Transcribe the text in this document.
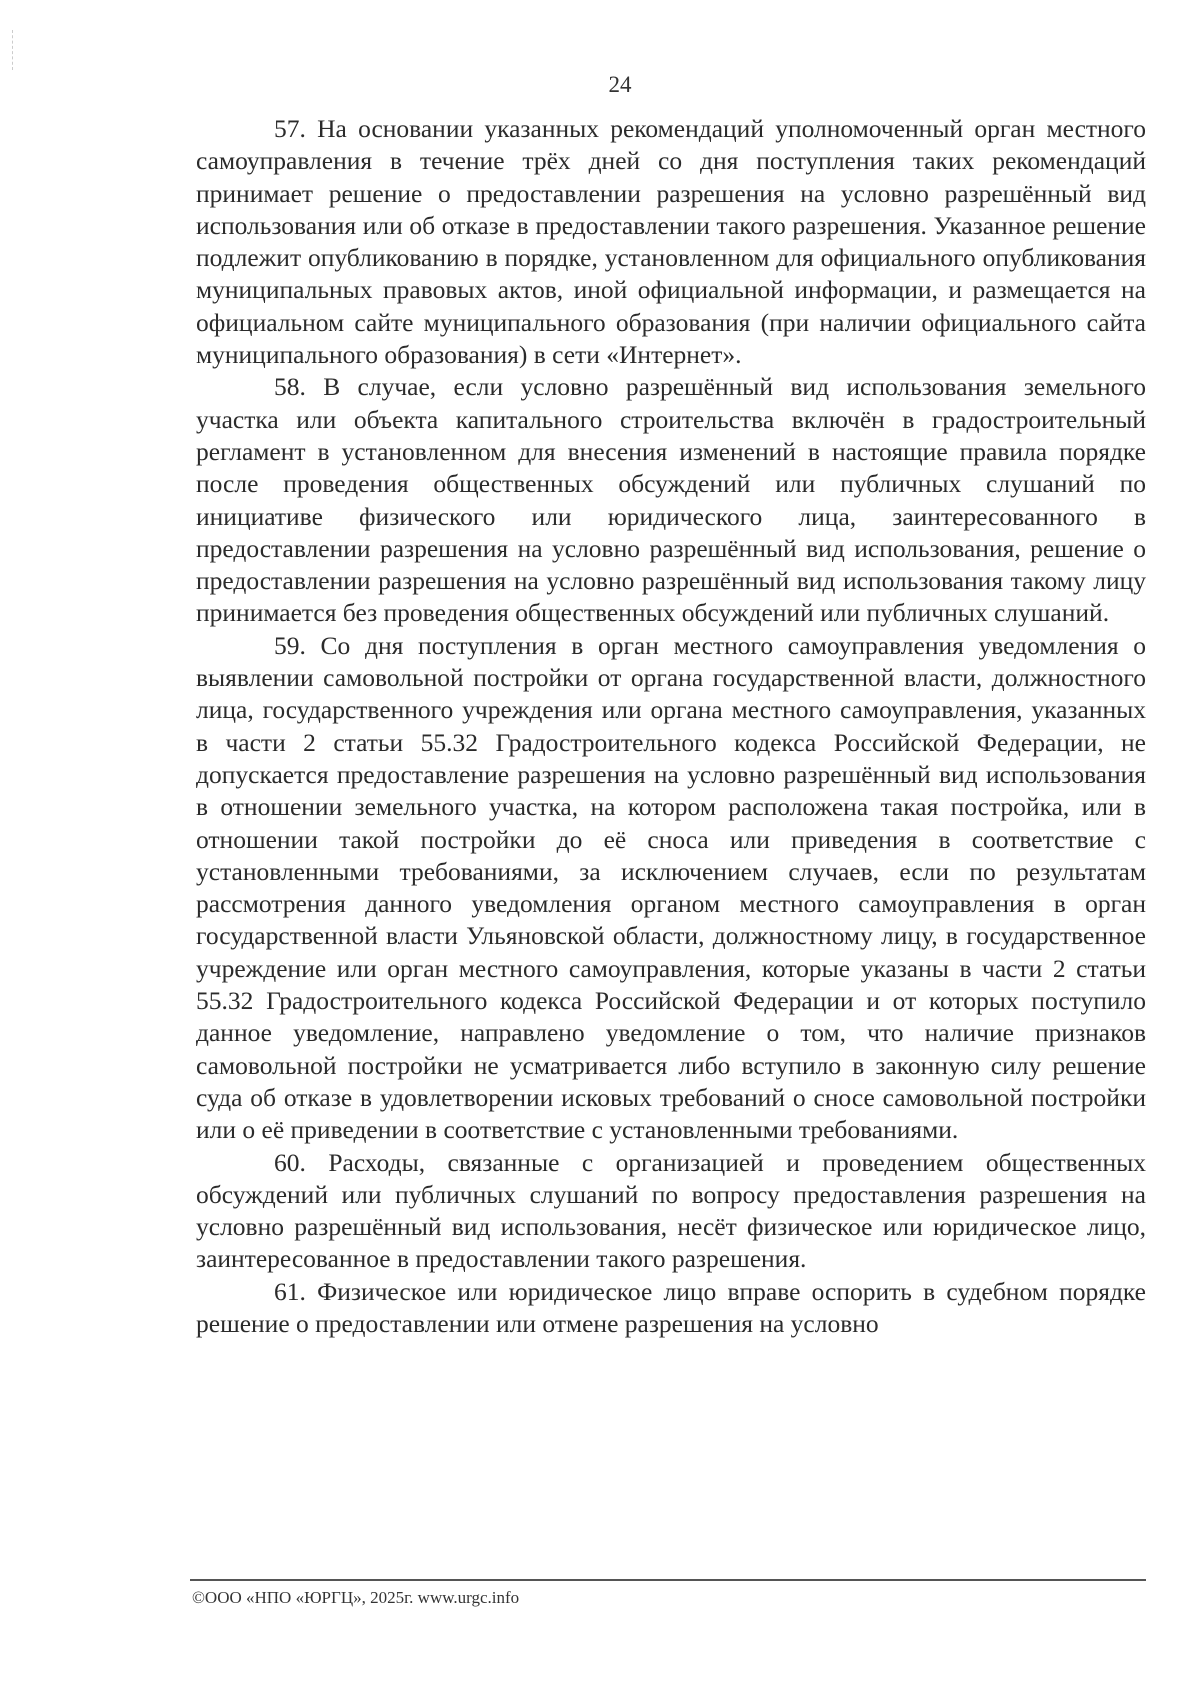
24

57. На основании указанных рекомендаций уполномоченный орган местного самоуправления в течение трёх дней со дня поступления таких рекомендаций принимает решение о предоставлении разрешения на условно разрешённый вид использования или об отказе в предоставлении такого разрешения. Указанное решение подлежит опубликованию в порядке, установленном для официального опубликования муниципальных правовых актов, иной официальной информации, и размещается на официальном сайте муниципального образования (при наличии официального сайта муниципального образования) в сети «Интернет».

58. В случае, если условно разрешённый вид использования земельного участка или объекта капитального строительства включён в градостроительный регламент в установленном для внесения изменений в настоящие правила порядке после проведения общественных обсуждений или публичных слушаний по инициативе физического или юридического лица, заинтересованного в предоставлении разрешения на условно разрешённый вид использования, решение о предоставлении разрешения на условно разрешённый вид использования такому лицу принимается без проведения общественных обсуждений или публичных слушаний.

59. Со дня поступления в орган местного самоуправления уведомления о выявлении самовольной постройки от органа государственной власти, должностного лица, государственного учреждения или органа местного самоуправления, указанных в части 2 статьи 55.32 Градостроительного кодекса Российской Федерации, не допускается предоставление разрешения на условно разрешённый вид использования в отношении земельного участка, на котором расположена такая постройка, или в отношении такой постройки до её сноса или приведения в соответствие с установленными требованиями, за исключением случаев, если по результатам рассмотрения данного уведомления органом местного самоуправления в орган государственной власти Ульяновской области, должностному лицу, в государственное учреждение или орган местного самоуправления, которые указаны в части 2 статьи 55.32 Градостроительного кодекса Российской Федерации и от которых поступило данное уведомление, направлено уведомление о том, что наличие признаков самовольной постройки не усматривается либо вступило в законную силу решение суда об отказе в удовлетворении исковых требований о сносе самовольной постройки или о её приведении в соответствие с установленными требованиями.

60. Расходы, связанные с организацией и проведением общественных обсуждений или публичных слушаний по вопросу предоставления разрешения на условно разрешённый вид использования, несёт физическое или юридическое лицо, заинтересованное в предоставлении такого разрешения.

61. Физическое или юридическое лицо вправе оспорить в судебном порядке решение о предоставлении или отмене разрешения на условно

©ООО «НПО «ЮРГЦ», 2025г. www.urgc.info
